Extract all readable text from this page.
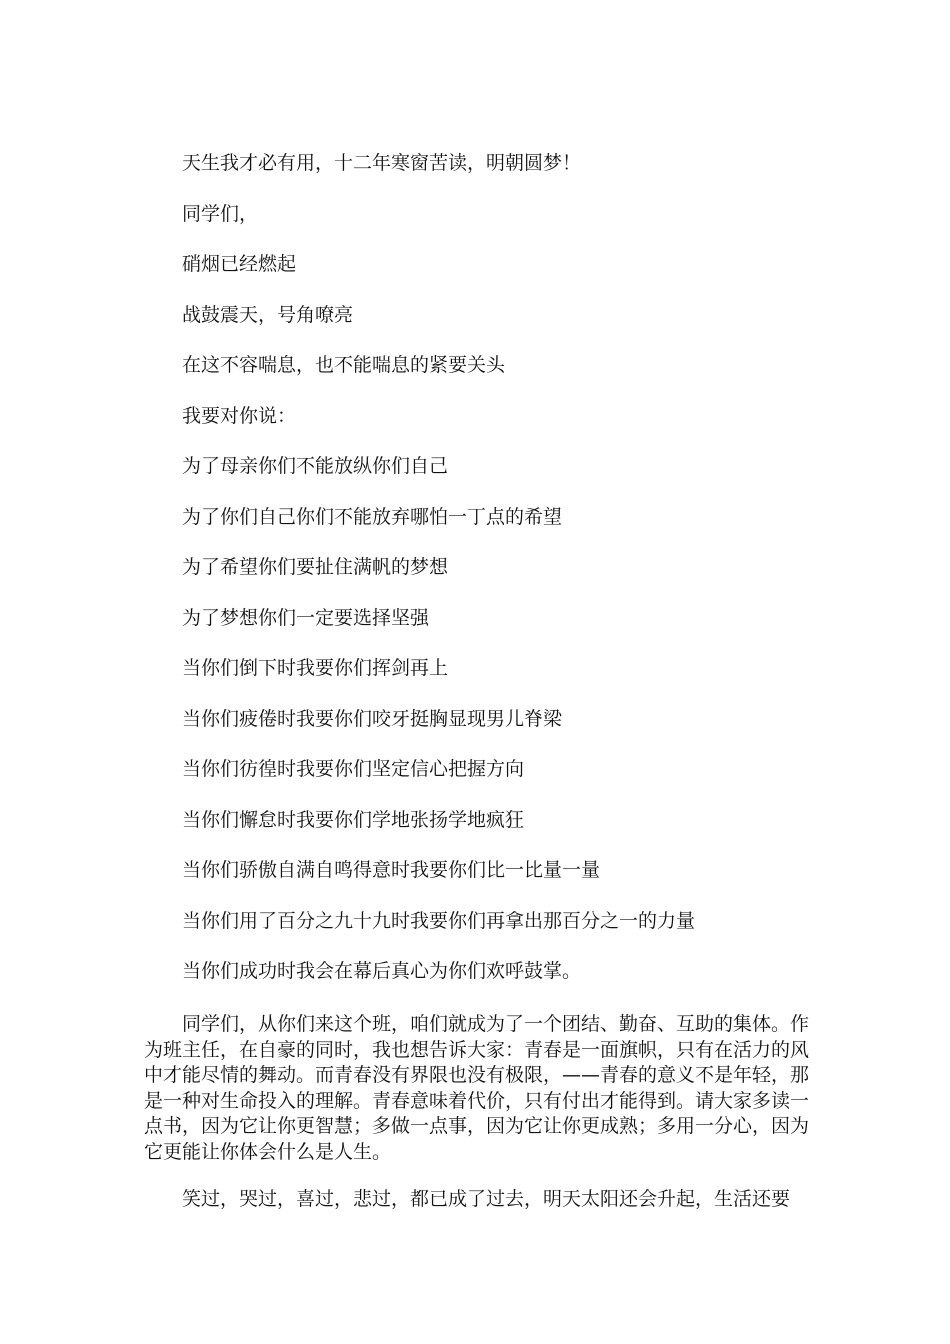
天生我才必有用，十二年寒窗苦读，明朝圆梦！
同学们，
硝烟已经燃起
战鼓震天，号角嘹亮
在这不容喘息，也不能喘息的紧要关头
我要对你说：
为了母亲你们不能放纵你们自己
为了你们自己你们不能放弃哪怕一丁点的希望
为了希望你们要扯住满帆的梦想
为了梦想你们一定要选择坚强
当你们倒下时我要你们挥剑再上
当你们疲倦时我要你们咬牙挺胸显现男儿脊梁
当你们彷徨时我要你们坚定信心把握方向
当你们懈怠时我要你们学地张扬学地疯狂
当你们骄傲自满自鸣得意时我要你们比一比量一量
当你们用了百分之九十九时我要你们再拿出那百分之一的力量
当你们成功时我会在幕后真心为你们欢呼鼓掌。
同学们，从你们来这个班，咱们就成为了一个团结、勤奋、互助的集体。作为班主任，在自豪的同时，我也想告诉大家：青春是一面旗帜，只有在活力的风中才能尽情的舞动。而青春没有界限也没有极限，——青春的意义不是年轻，那是一种对生命投入的理解。青春意味着代价，只有付出才能得到。请大家多读一点书，因为它让你更智慧；多做一点事，因为它让你更成熟；多用一分心，因为它更能让你体会什么是人生。
笑过，哭过，喜过，悲过，都已成了过去，明天太阳还会升起，生活还要
